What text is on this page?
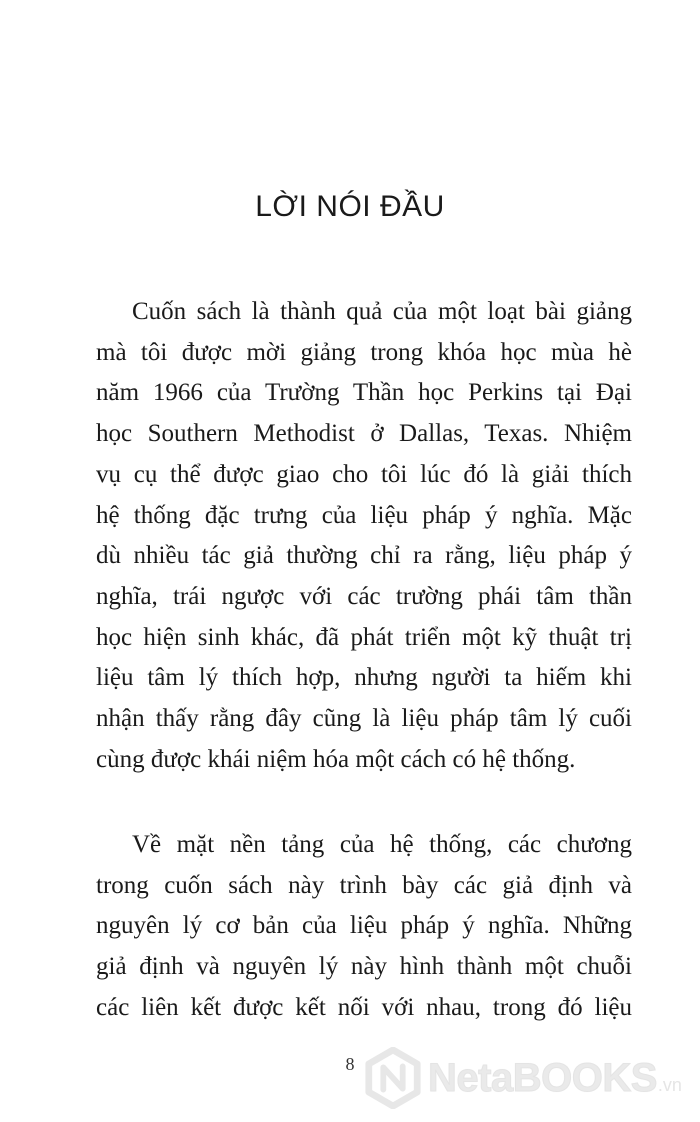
LỜI NÓI ĐẦU

Cuốn sách là thành quả của một loạt bài giảng
mà tôi được mời giảng trong khóa học mùa hè
năm 1966 của Trường Thần học Perkins tại Đại
học Southern Methodist ở Dallas, Texas. Nhiệm
vụ cụ thể được giao cho tôi lúc đó là giải thích
hệ thống đặc trưng của liệu pháp ý nghĩa. Mặc
dù nhiều tác giả thường chỉ ra rằng, liệu pháp ý
nghĩa, trái ngược với các trường phái tâm thần
học hiện sinh khác, đã phát triển một kỹ thuật trị
liệu tâm lý thích hợp, nhưng người ta hiếm khi
nhận thấy rằng đây cũng là liệu pháp tâm lý cuối
cùng được khái niệm hóa một cách có hệ thống.

Về mặt nền tảng của hệ thống, các chương
trong cuốn sách này trình bày các giả định và
nguyên lý cơ bản của liệu pháp ý nghĩa. Những
giả định và nguyên lý này hình thành một chuỗi
các liên kết được kết nối với nhau, trong đó liệu

8	NetaBOOKS .vn
